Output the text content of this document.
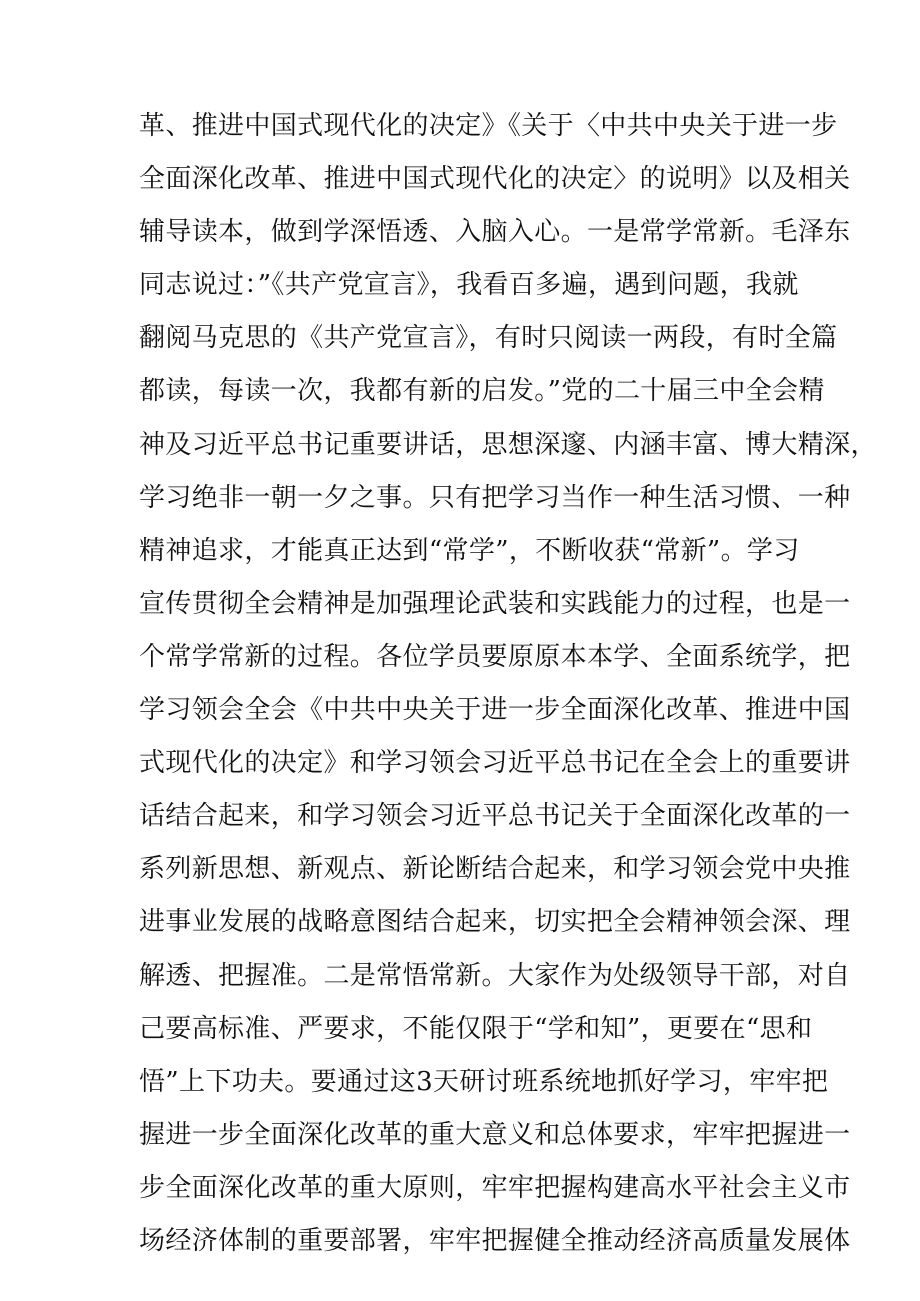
革、推进中国式现代化的决定》《关于〈中共中央关于进一步
全面深化改革、推进中国式现代化的决定〉的说明》以及相关
辅导读本，做到学深悟透、入脑入心。一是常学常新。毛泽东
同志说过：”《共产党宣言》，我看百多遍，遇到问题，我就
翻阅马克思的《共产党宣言》，有时只阅读一两段，有时全篇
都读，每读一次，我都有新的启发。”党的二十届三中全会精
神及习近平总书记重要讲话，思想深邃、内涵丰富、博大精深，
学习绝非一朝一夕之事。只有把学习当作一种生活习惯、一种
精神追求，才能真正达到“常学”，不断收获“常新”。学习
宣传贯彻全会精神是加强理论武装和实践能力的过程，也是一
个常学常新的过程。各位学员要原原本本学、全面系统学，把
学习领会全会《中共中央关于进一步全面深化改革、推进中国
式现代化的决定》和学习领会习近平总书记在全会上的重要讲
话结合起来，和学习领会习近平总书记关于全面深化改革的一
系列新思想、新观点、新论断结合起来，和学习领会党中央推
进事业发展的战略意图结合起来，切实把全会精神领会深、理
解透、把握准。二是常悟常新。大家作为处级领导干部，对自
己要高标准、严要求，不能仅限于“学和知”，更要在“思和
悟”上下功夫。要通过这3天研讨班系统地抓好学习，牢牢把
握进一步全面深化改革的重大意义和总体要求，牢牢把握进一
步全面深化改革的重大原则，牢牢把握构建高水平社会主义市
场经济体制的重要部署，牢牢把握健全推动经济高质量发展体
